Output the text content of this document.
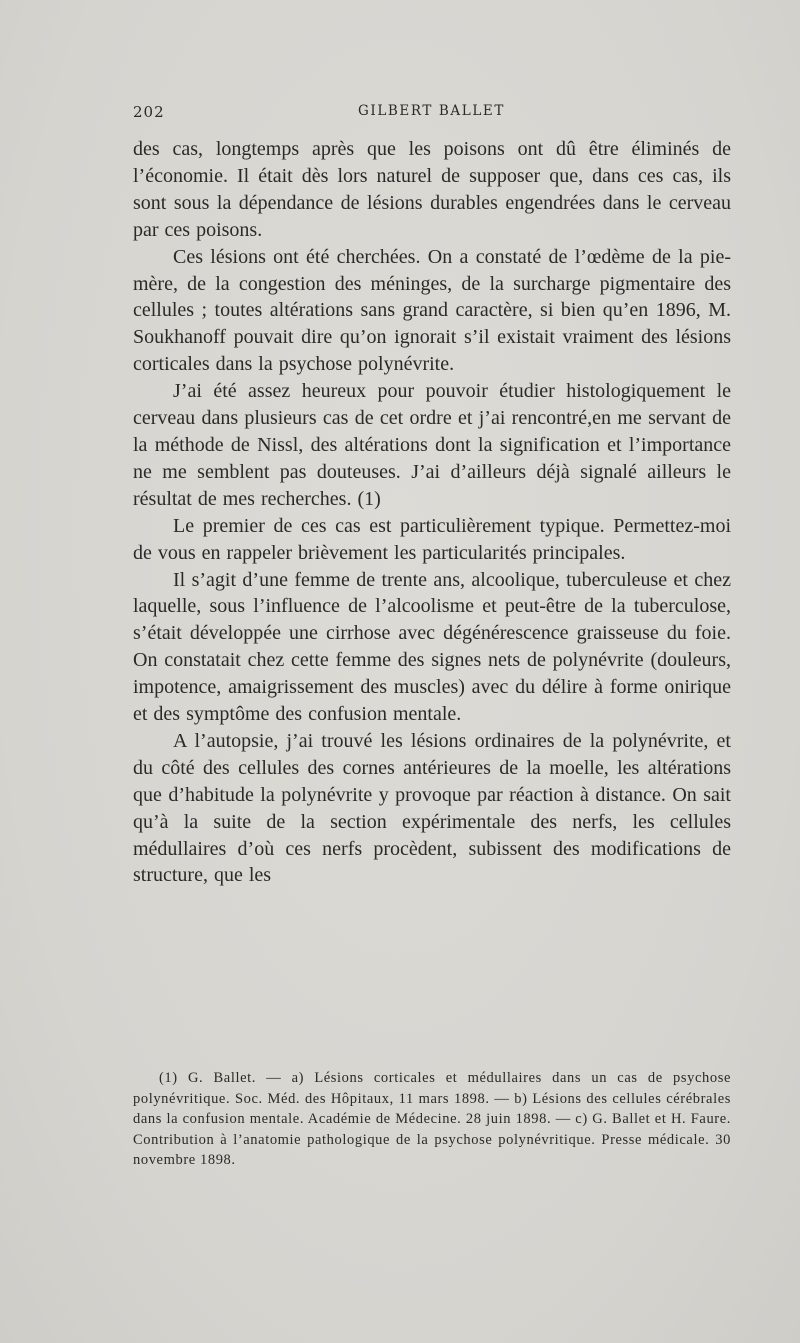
202	GILBERT BALLET

des cas, longtemps après que les poisons ont dû être éliminés de l’économie. Il était dès lors naturel de supposer que, dans ces cas, ils sont sous la dépendance de lésions durables engendrées dans le cerveau par ces poisons.

Ces lésions ont été cherchées. On a constaté de l’œdème de la pie-mère, de la congestion des méninges, de la surcharge pigmentaire des cellules ; toutes altérations sans grand caractère, si bien qu’en 1896, M. Soukhanoff pouvait dire qu’on ignorait s’il existait vraiment des lésions corticales dans la psychose polynévrite.

J’ai été assez heureux pour pouvoir étudier histologiquement le cerveau dans plusieurs cas de cet ordre et j’ai rencontré,en me servant de la méthode de Nissl, des altérations dont la signification et l’importance ne me semblent pas douteuses. J’ai d’ailleurs déjà signalé ailleurs le résultat de mes recherches. (1)

Le premier de ces cas est particulièrement typique. Permettez-moi de vous en rappeler brièvement les particularités principales.

Il s’agit d’une femme de trente ans, alcoolique, tuberculeuse et chez laquelle, sous l’influence de l’alcoolisme et peut-être de la tuberculose, s’était développée une cirrhose avec dégénérescence graisseuse du foie. On constatait chez cette femme des signes nets de polynévrite (douleurs, impotence, amaigrissement des muscles) avec du délire à forme onirique et des symptôme des confusion mentale.

A l’autopsie, j’ai trouvé les lésions ordinaires de la polynévrite, et du côté des cellules des cornes antérieures de la moelle, les altérations que d’habitude la polynévrite y provoque par réaction à distance. On sait qu’à la suite de la section expérimentale des nerfs, les cellules médullaires d’où ces nerfs procèdent, subissent des modifications de structure, que les

(1) G. Ballet. — a) Lésions corticales et médullaires dans un cas de psychose polynévritique. Soc. Méd. des Hôpitaux, 11 mars 1898. — b) Lésions des cellules cérébrales dans la confusion mentale. Académie de Médecine. 28 juin 1898. — c) G. Ballet et H. Faure. Contribution à l’anatomie pathologique de la psychose polynévritique. Presse médicale. 30 novembre 1898.
